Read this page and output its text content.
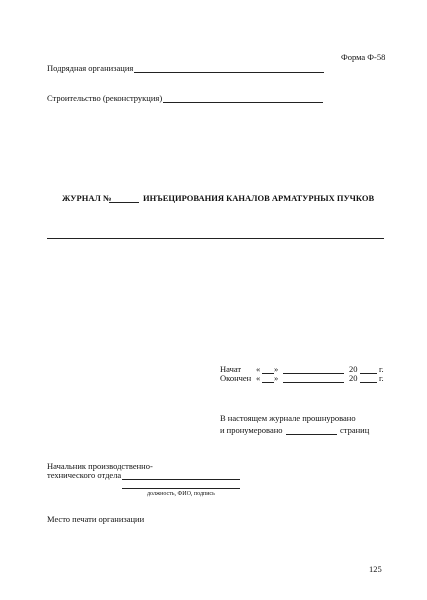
Форма Ф-58
Подрядная организация
Строительство (реконструкция)
ЖУРНАЛ №	ИНЪЕЦИРОВАНИЯ КАНАЛОВ АРМАТУРНЫХ ПУЧКОВ
Начат « »	20	г.
Окончен « »	20	г.
В настоящем журнале прошнуровано
и пронумеровано	страниц
Начальник производственно-
технического отдела
должность, ФИО, подпись
Место печати организации
125
